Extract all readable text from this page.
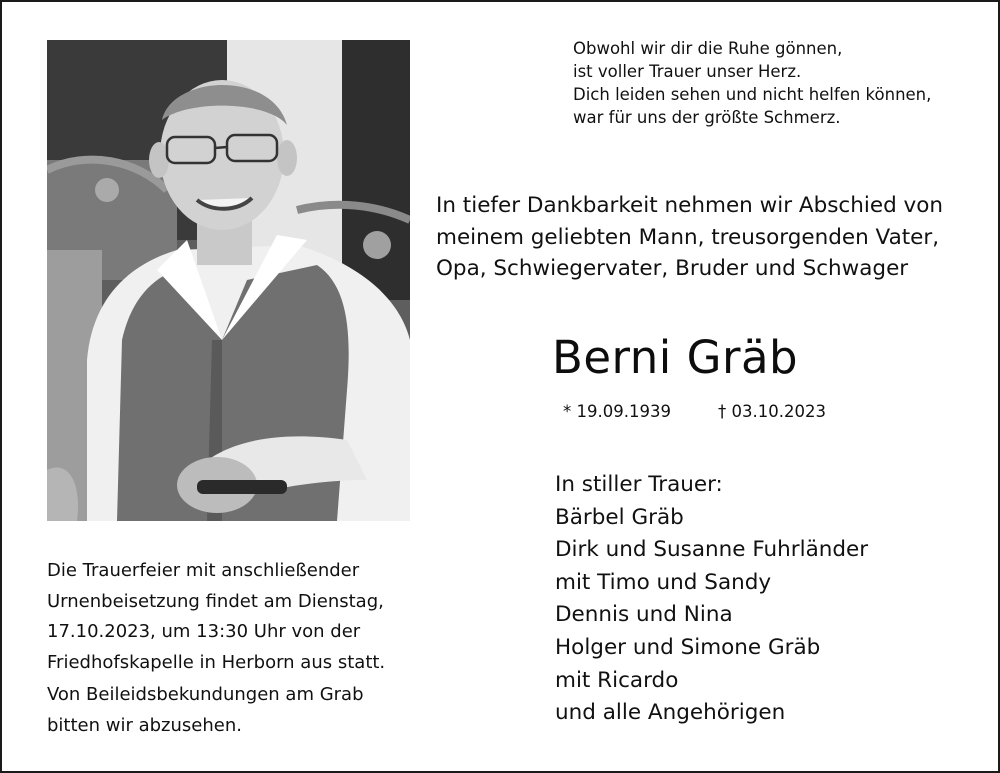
Obwohl wir dir die Ruhe gönnen,
ist voller Trauer unser Herz.
Dich leiden sehen und nicht helfen können,
war für uns der größte Schmerz.
In tiefer Dankbarkeit nehmen wir Abschied von
meinem geliebten Mann, treusorgenden Vater,
Opa, Schwiegervater, Bruder und Schwager
Berni Gräb
* 19.09.1939	† 03.10.2023
In stiller Trauer:
Bärbel Gräb
Dirk und Susanne Fuhrländer
mit Timo und Sandy
Dennis und Nina
Holger und Simone Gräb
mit Ricardo
und alle Angehörigen
Die Trauerfeier mit anschließender
Urnenbeisetzung findet am Dienstag,
17.10.2023, um 13:30 Uhr von der
Friedhofskapelle in Herborn aus statt.
Von Beileidsbekundungen am Grab
bitten wir abzusehen.
